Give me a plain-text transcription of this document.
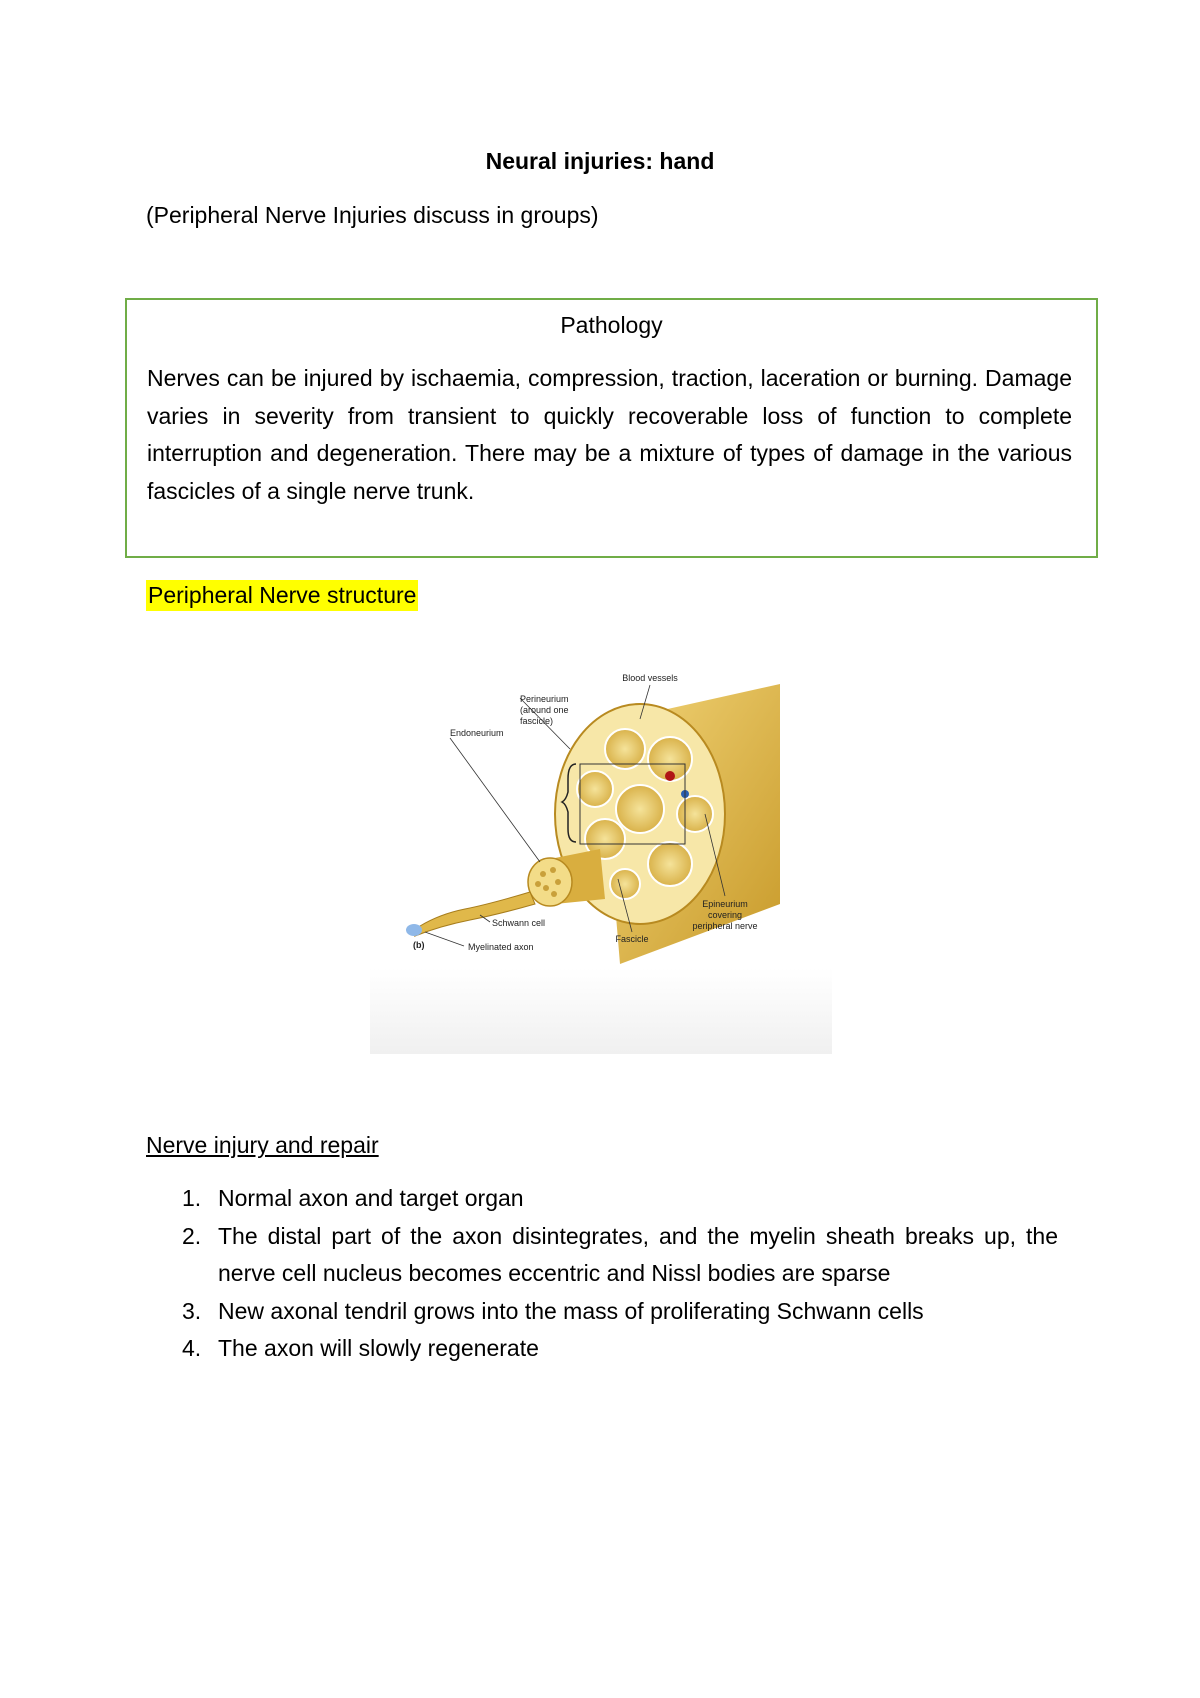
Neural injuries: hand
(Peripheral Nerve Injuries discuss in groups)
Pathology
Nerves can be injured by ischaemia, compression, traction, laceration or burning. Damage varies in severity from transient to quickly recoverable loss of function to complete interruption and degeneration. There may be a mixture of types of damage in the various fascicles of a single nerve trunk.
Peripheral Nerve structure
Blood vessels
Perineurium
(around one
fascicle)
Endoneurium
Epineurium
covering
peripheral nerve
Schwann cell
Fascicle
Myelinated axon
(b)
Nerve injury and repair
1. Normal axon and target organ
2. The distal part of the axon disintegrates, and the myelin sheath breaks up, the nerve cell nucleus becomes eccentric and Nissl bodies are sparse
3. New axonal tendril grows into the mass of proliferating Schwann cells
4. The axon will slowly regenerate
